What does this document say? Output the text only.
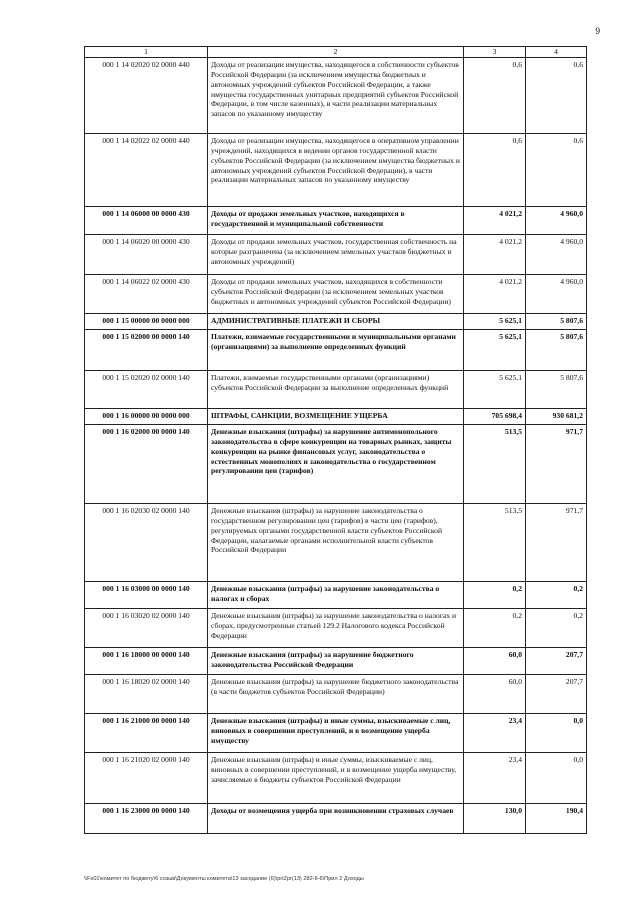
9
1	2	3	4
000 1 14 02020 02 0000 440	Доходы от реализации имущества, находящегося в собственности субъектов Российской Федерации (за исключением имущества бюджетных и автономных учреждений субъектов Российской Федерации, а также имущества государственных унитарных предприятий субъектов Российской Федерации, в том числе казенных), в части реализации материальных запасов по указанному имуществу	0,6	0,6
000 1 14 02022 02 0000 440	Доходы от реализации имущества, находящегося в оперативном управлении учреждений, находящихся в ведении органов государственной власти субъектов Российской Федерации (за исключением имущества бюджетных и автономных учреждений субъектов Российской Федерации), в части реализации материальных запасов по указанному имуществу	0,6	0,6
000 1 14 06000 00 0000 430	Доходы от продажи земельных участков, находящихся в государственной и муниципальной собственности	4 021,2	4 960,0
000 1 14 06020 00 0000 430	Доходы от продажи земельных участков, государственная собственность на которые разграничена (за исключением земельных участков бюджетных и автономных учреждений)	4 021,2	4 960,0
000 1 14 06022 02 0000 430	Доходы от продажи земельных участков, находящихся в собственности субъектов Российской Федерации (за исключением земельных участков бюджетных и автономных учреждений субъектов Российской Федерации)	4 021,2	4 960,0
000 1 15 00000 00 0000 000	АДМИНИСТРАТИВНЫЕ ПЛАТЕЖИ И СБОРЫ	5 625,1	5 807,6
000 1 15 02000 00 0000 140	Платежи, взимаемые государственными и муниципальными органами (организациями) за выполнение определенных функций	5 625,1	5 807,6
000 1 15 02020 02 0000 140	Платежи, взимаемые государственными органами (организациями) субъектов Российской Федерации за выполнение определенных функций	5 625,1	5 807,6
000 1 16 00000 00 0000 000	ШТРАФЫ, САНКЦИИ, ВОЗМЕЩЕНИЕ УЩЕРБА	705 698,4	930 681,2
000 1 16 02000 00 0000 140	Денежные взыскания (штрафы) за нарушение антимонопольного законодательства в сфере конкуренции на товарных рынках, защиты конкуренции на рынке финансовых услуг, законодательства о естественных монополиях и законодательства о государственном регулировании цен (тарифов)	513,5	971,7
000 1 16 02030 02 0000 140	Денежные взыскания (штрафы) за нарушение законодательства о государственном регулировании цен (тарифов) в части цен (тарифов), регулируемых органами государственной власти субъектов Российской Федерации, налагаемые органами исполнительной власти субъектов Российской Федерации	513,5	971,7
000 1 16 03000 00 0000 140	Денежные взыскания (штрафы) за нарушение законодательства о налогах и сборах	0,2	0,2
000 1 16 03020 02 0000 140	Денежные взыскания (штрафы) за нарушение законодательства о налогах и сборах, предусмотренные статьей 129.2 Налогового кодекса Российской Федерации	0,2	0,2
000 1 16 18000 00 0000 140	Денежные взыскания (штрафы) за нарушение бюджетного законодательства Российской Федерации	60,0	207,7
000 1 16 18020 02 0000 140	Денежные взыскания (штрафы) за нарушение бюджетного законодательства (в части бюджетов субъектов Российской Федерации)	60,0	207,7
000 1 16 21000 00 0000 140	Денежные взыскания (штрафы) и иные суммы, взыскиваемые с лиц, виновных в совершении преступлений, и в возмещение ущерба имуществу	23,4	0,0
000 1 16 21020 02 0000 140	Денежные взыскания (штрафы) и иные суммы, взыскиваемые с лиц, виновных в совершении преступлений, и в возмещение ущерба имуществу, зачисляемые в бюджеты субъектов Российской Федерации	23,4	0,0
000 1 16 23000 00 0000 140	Доходы от возмещения ущерба при возникновении страховых случаев	130,0	190,4
\\Fs01\комитет по бюджету\6 созыв\Документы комитета\13 заседание (6)\priZpr(13) 282-II-6\Прил 2 Доходы
